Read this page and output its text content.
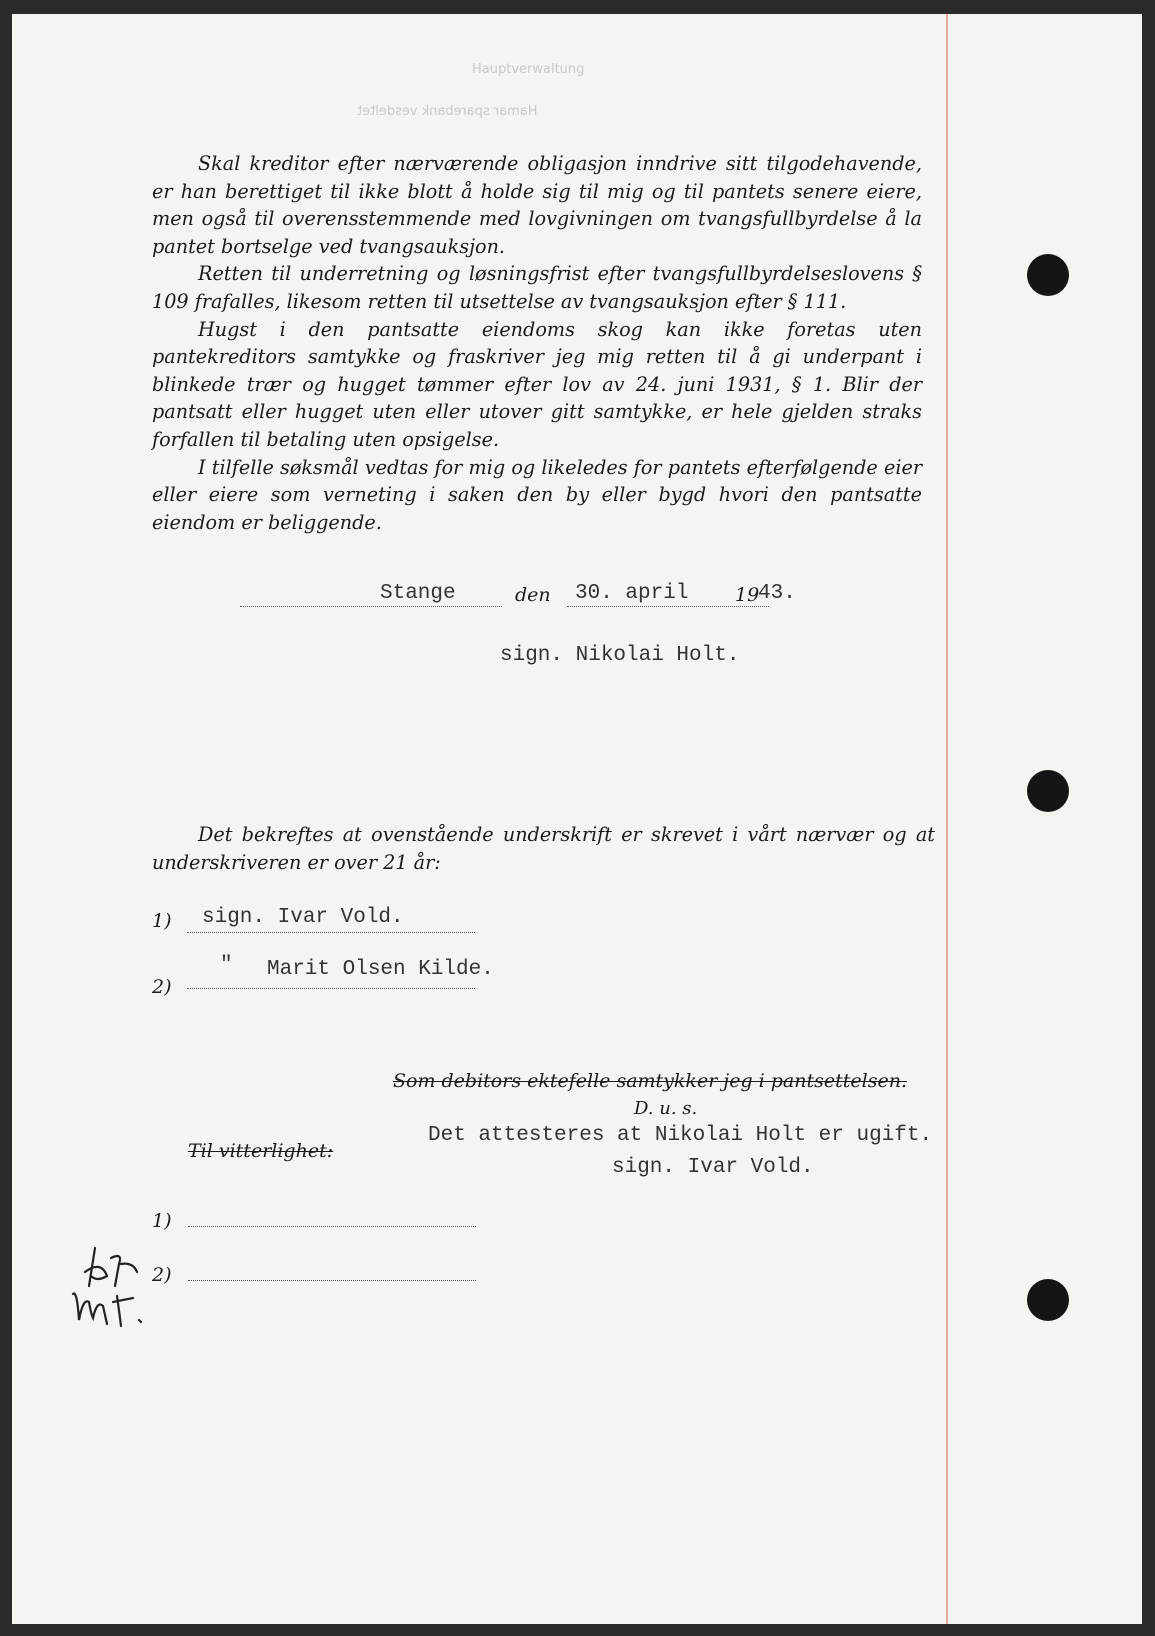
Hauptverwaltung
Hamar sparebank vesdeltet

Skal kreditor efter nærværende obligasjon inndrive sitt tilgodehavende, er han berettiget til ikke blott å holde sig til mig og til pantets senere eiere, men også til overensstemmende med lovgivningen om tvangsfullbyrdelse å la pantet bortselge ved tvangsauksjon.

Retten til underretning og løsningsfrist efter tvangsfullbyrdelseslovens § 109 frafalles, likesom retten til utsettelse av tvangsauksjon efter § 111.

Hugst i den pantsatte eiendoms skog kan ikke foretas uten pantekreditors samtykke og fraskriver jeg mig retten til å gi underpant i blinkede trær og hugget tømmer efter lov av 24. juni 1931, § 1. Blir der pantsatt eller hugget uten eller utover gitt samtykke, er hele gjelden straks forfallen til betaling uten opsigelse.

I tilfelle søksmål vedtas for mig og likeledes for pantets efterfølgende eier eller eiere som verneting i saken den by eller bygd hvori den pantsatte eiendom er beliggende.

Stange	den 30. april 19
43.
sign. Nikolai Holt.

Det bekreftes at ovenstående underskrift er skrevet i vårt nærvær og at underskriveren er over 21 år:

1) sign. Ivar Vold.
2)
" Marit Olsen Kilde.
Som debitors ektefelle samtykker jeg i pantsettelsen.
D. u. s.
Det attesteres at Nikolai Holt er ugift.
sign. Ivar Vold.
Til vitterlighet:
1)
2)
